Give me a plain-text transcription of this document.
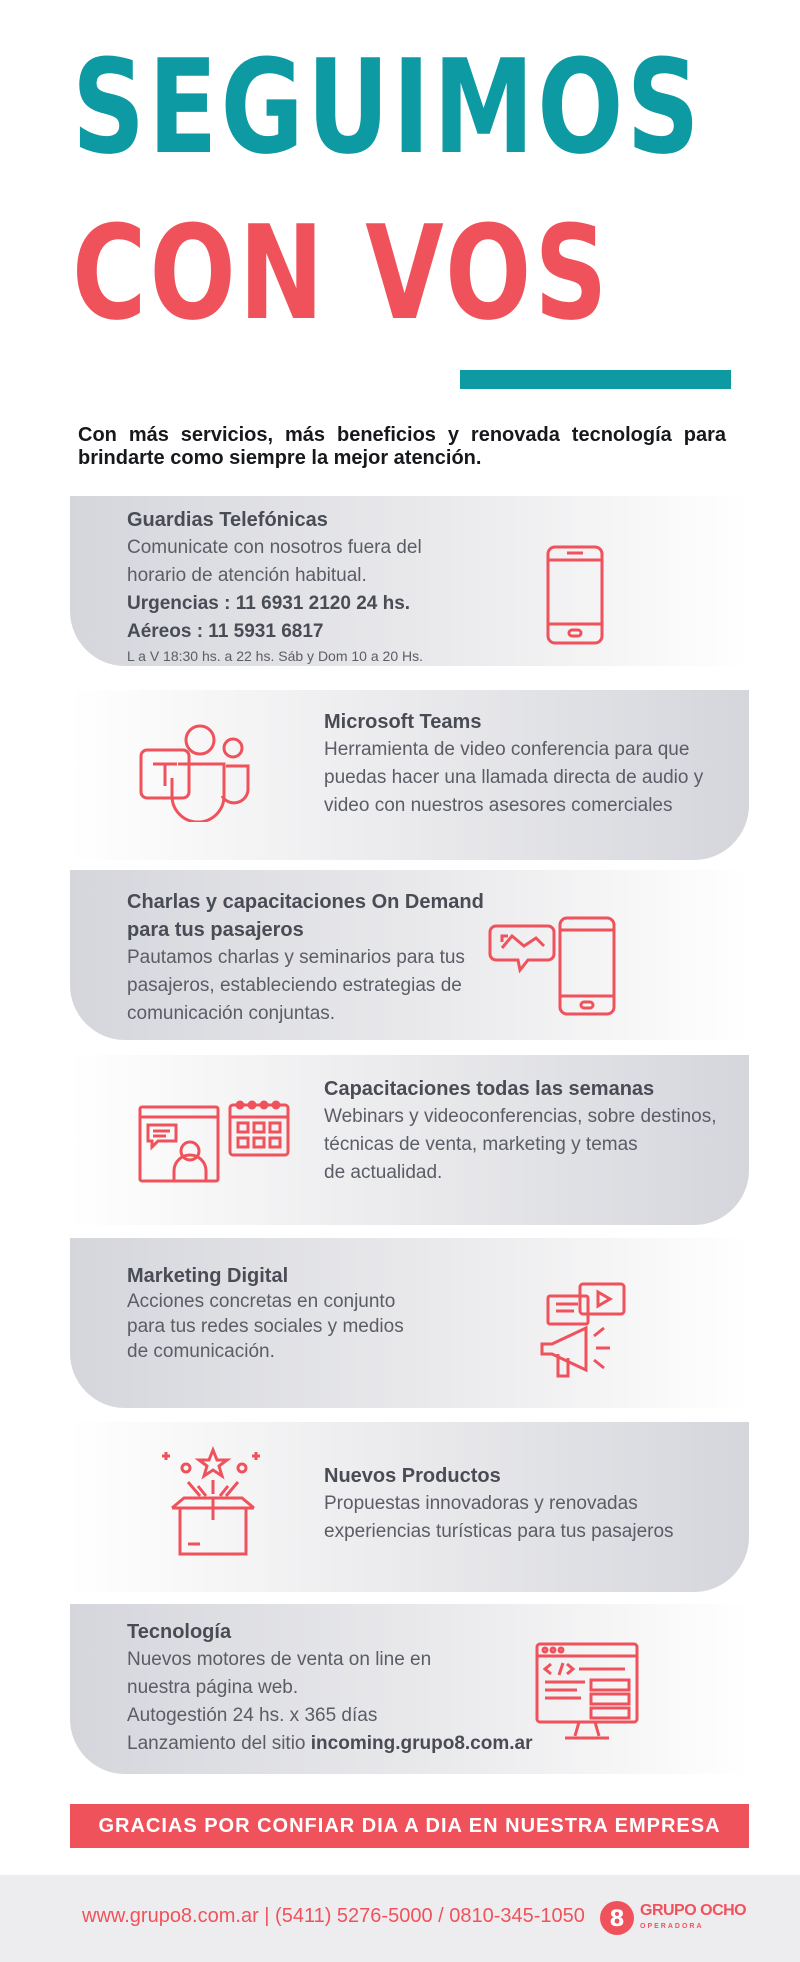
SEGUIMOS
CON VOS

Con más servicios, más beneficios y renovada tecnología para brindarte como siempre la mejor atención.

Guardias Telefónicas
Comunicate con nosotros fuera del
horario de atención habitual.
Urgencias : 11 6931 2120 24 hs.
Aéreos : 11 5931 6817
L a V 18:30 hs. a 22 hs. Sáb y Dom 10 a 20 Hs.
Microsoft Teams
Herramienta de video conferencia para que
puedas hacer una llamada directa de audio y
video con nuestros asesores comerciales
Charlas y capacitaciones On Demand
para tus pasajeros
Pautamos charlas y seminarios para tus
pasajeros, estableciendo estrategias de
comunicación conjuntas.
Capacitaciones todas las semanas
Webinars y videoconferencias, sobre destinos,
técnicas de venta, marketing y temas
de actualidad.
Marketing Digital
Acciones concretas en conjunto
para tus redes sociales y medios
de comunicación.
Nuevos Productos
Propuestas innovadoras y renovadas
experiencias turísticas para tus pasajeros
Tecnología
Nuevos motores de venta on line en
nuestra página web.
Autogestión 24 hs. x 365 días
Lanzamiento del sitio incoming.grupo8.com.ar
GRACIAS POR CONFIAR DIA A DIA EN NUESTRA EMPRESA
www.grupo8.com.ar | (5411) 5276-5000 / 0810-345-1050 8 GRUPO OCHO
OPERADORA
